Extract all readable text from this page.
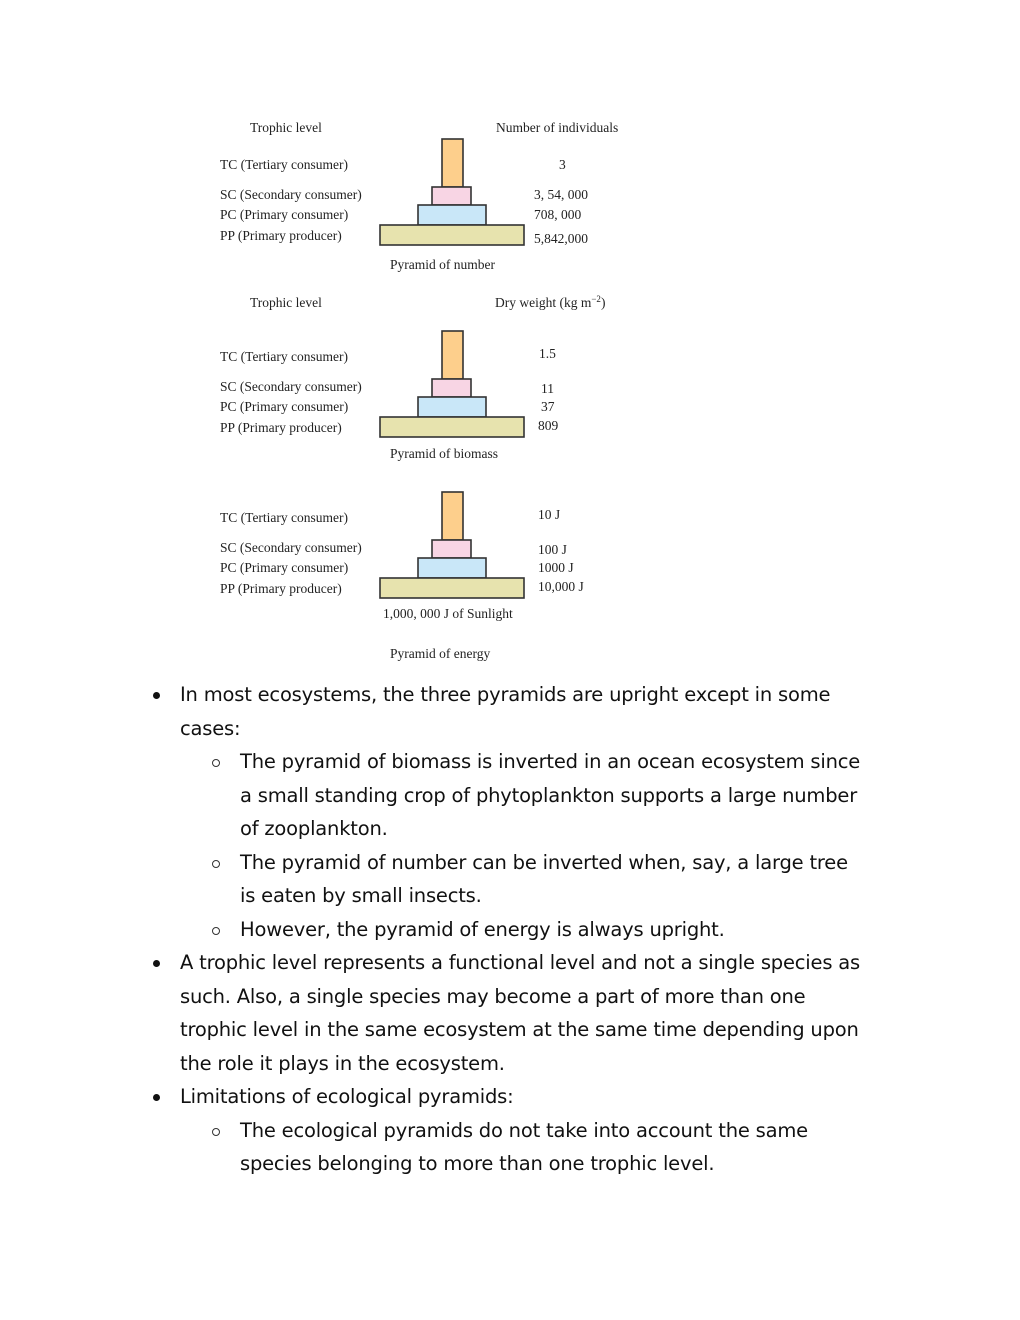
Trophic level	Number of individuals
TC (Tertiary consumer)
SC (Secondary consumer)
PC (Primary consumer)
PP (Primary producer)
3
3, 54, 000
708, 000
5,842,000
Pyramid of number
Trophic level	Dry weight (kg $m^{-2}$)
TC (Tertiary consumer)
SC (Secondary consumer)
PC (Primary consumer)
PP (Primary producer)
1.5
11
37
809
Pyramid of biomass
TC (Tertiary consumer)
SC (Secondary consumer)
PC (Primary consumer)
PP (Primary producer)
10 J
100 J
1000 J
10,000 J
1,000, 000 J of Sunlight
Pyramid of energy
In most ecosystems, the three pyramids are upright except in some
cases:
The pyramid of biomass is inverted in an ocean ecosystem since
a small standing crop of phytoplankton supports a large number
of zooplankton.
The pyramid of number can be inverted when, say, a large tree
is eaten by small insects.
However, the pyramid of energy is always upright.
A trophic level represents a functional level and not a single species as
such. Also, a single species may become a part of more than one
trophic level in the same ecosystem at the same time depending upon
the role it plays in the ecosystem.
Limitations of ecological pyramids:
The ecological pyramids do not take into account the same
species belonging to more than one trophic level.
